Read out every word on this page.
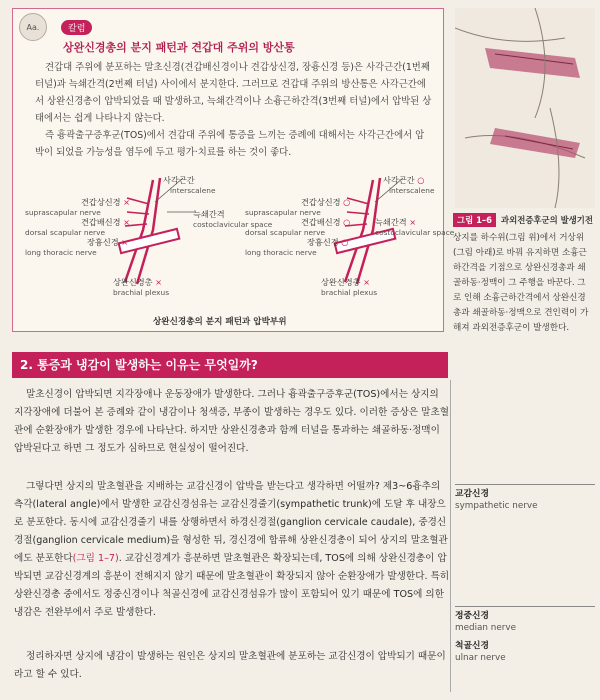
Aa.	칼럼
상완신경총의 분지 패턴과 견갑대 주위의 방산통
견갑대 주위에 분포하는 말초신경(견갑배신경이나 견갑상신경, 장흉신경 등)은 사각근간(1번째 터널)과 늑쇄간격(2번째 터널) 사이에서 분지한다. 그러므로 견갑대 주위의 방산통은 사각근간에서 상완신경총이 압박되었을 때 발생하고, 늑쇄간격이나 소흉근하간격(3번째 터널)에서 압박된 상태에서는 쉽게 나타나지 않는다.
즉 흉곽출구증후군(TOS)에서 견갑대 주위에 통증을 느끼는 증례에 대해서는 사각근간에서 압박이 되었을 가능성을 염두에 두고 평가·치료를 하는 것이 좋다.
사각근간
interscalene
견갑상신경 ×
suprascapular nerve
견갑배신경 ×
dorsal scapular nerve
장흉신경 ×
long thoracic nerve
늑쇄간격
costoclavicular space
상완신경총 ×
brachial plexus
사각근간 ○
interscalene
견갑상신경 ○
suprascapular nerve
견갑배신경 ○
dorsal scapular nerve
장흉신경 ○
long thoracic nerve
늑쇄간격 ×
costoclavicular space
상완신경총 ×
brachial plexus
상완신경총의 분지 패턴과 압박부위
그림 1–6 과외전증후군의 발생기전
상지를 하수위(그림 위)에서 거상위(그림 아래)로 바꿔 유지하면 소흉근하간격을 기점으로 상완신경총과 쇄골하동·정맥이 그 주행을 바꾼다. 그로 인해 소흉근하간격에서 상완신경총과 쇄골하동·정맥으로 견인력이 가해져 과외전증후군이 발생한다.
2. 통증과 냉감이 발생하는 이유는 무엇일까?
말초신경이 압박되면 지각장애나 운동장애가 발생한다. 그러나 흉곽출구증후군(TOS)에서는 상지의 지각장애에 더불어 본 증례와 같이 냉감이나 청색증, 부종이 발생하는 경우도 있다. 이러한 증상은 말초혈관에 순환장애가 발생한 경우에 나타난다. 하지만 상완신경총과 함께 터널을 통과하는 쇄골하동·정맥이 압박된다고 하면 그 정도가 심하므로 현실성이 떨어진다.
그렇다면 상지의 말초혈관을 지배하는 교감신경이 압박을 받는다고 생각하면 어떨까? 제3~6흉추의 측각(lateral angle)에서 발생한 교감신경섬유는 교감신경줄기(sympathetic trunk)에 도달 후 내장으로 분포한다. 동시에 교감신경줄기 내를 상행하면서 하경신경절(ganglion cervicale caudale), 중경신경절(ganglion cervicale medium)을 형성한 뒤, 경신경에 합류해 상완신경총이 되어 상지의 말초혈관에도 분포한다(그림 1–7). 교감신경계가 흥분하면 말초혈관은 확장되는데, TOS에 의해 상완신경총이 압박되면 교감신경계의 흥분이 전해지지 않기 때문에 말초혈관이 확장되지 않아 순환장애가 발생한다. 특히 상완신경총 중에서도 정중신경이나 척골신경에 교감신경섬유가 많이 포함되어 있기 때문에 TOS에 의한 냉감은 전완부에서 주로 발생한다.
정리하자면 상지에 냉감이 발생하는 원인은 상지의 말초혈관에 분포하는 교감신경이 압박되기 때문이라고 할 수 있다.
교감신경
sympathetic nerve
정중신경
median nerve
척골신경
ulnar nerve
